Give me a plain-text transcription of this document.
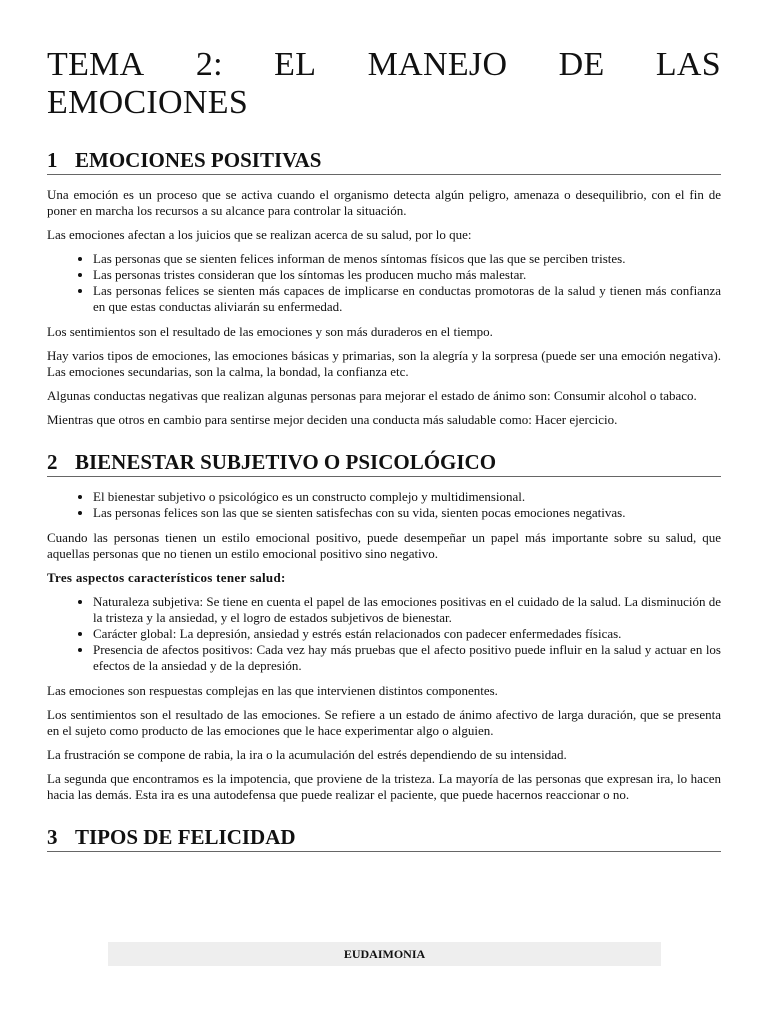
TEMA 2: EL MANEJO DE LAS
EMOCIONES
1 EMOCIONES POSITIVAS

Una emoción es un proceso que se activa cuando el organismo detecta algún peligro, amenaza o desequilibrio, con el fin de poner en marcha los recursos a su alcance para controlar la situación.

Las emociones afectan a los juicios que se realizan acerca de su salud, por lo que:

• Las personas que se sienten felices informan de menos síntomas físicos que las que se perciben tristes.
• Las personas tristes consideran que los síntomas les producen mucho más malestar.
• Las personas felices se sienten más capaces de implicarse en conductas promotoras de la salud y tienen más confianza en que estas conductas aliviarán su enfermedad.

Los sentimientos son el resultado de las emociones y son más duraderos en el tiempo.

Hay varios tipos de emociones, las emociones básicas y primarias, son la alegría y la sorpresa (puede ser una emoción negativa). Las emociones secundarias, son la calma, la bondad, la confianza etc.

Algunas conductas negativas que realizan algunas personas para mejorar el estado de ánimo son: Consumir alcohol o tabaco.

Mientras que otros en cambio para sentirse mejor deciden una conducta más saludable como: Hacer ejercicio.

2 BIENESTAR SUBJETIVO O PSICOLÓGICO
• El bienestar subjetivo o psicológico es un constructo complejo y multidimensional.
• Las personas felices son las que se sienten satisfechas con su vida, sienten pocas emociones negativas.

Cuando las personas tienen un estilo emocional positivo, puede desempeñar un papel más importante sobre su salud, que aquellas personas que no tienen un estilo emocional positivo sino negativo.

Tres aspectos característicos tener salud:

• Naturaleza subjetiva: Se tiene en cuenta el papel de las emociones positivas en el cuidado de la salud. La disminución de la tristeza y la ansiedad, y el logro de estados subjetivos de bienestar.
• Carácter global: La depresión, ansiedad y estrés están relacionados con padecer enfermedades físicas.
• Presencia de afectos positivos: Cada vez hay más pruebas que el afecto positivo puede influir en la salud y actuar en los efectos de la ansiedad y de la depresión.

Las emociones son respuestas complejas en las que intervienen distintos componentes.

Los sentimientos son el resultado de las emociones. Se refiere a un estado de ánimo afectivo de larga duración, que se presenta en el sujeto como producto de las emociones que le hace experimentar algo o alguien.

La frustración se compone de rabia, la ira o la acumulación del estrés dependiendo de su intensidad.

La segunda que encontramos es la impotencia, que proviene de la tristeza. La mayoría de las personas que expresan ira, lo hacen hacia las demás. Esta ira es una autodefensa que puede realizar el paciente, que puede hacernos reaccionar o no.

3 TIPOS DE FELICIDAD
EUDAIMONIA
